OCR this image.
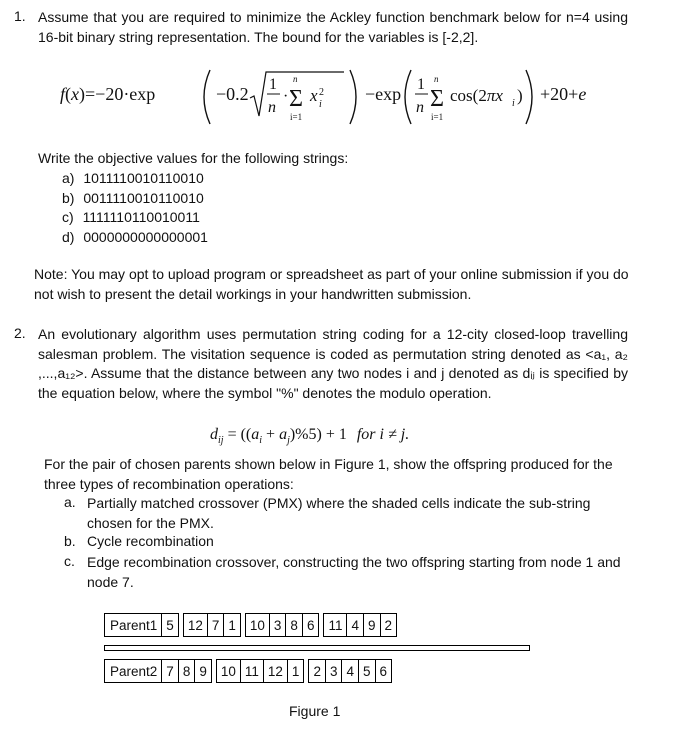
1. Assume that you are required to minimize the Ackley function benchmark below for n=4 using 16-bit binary string representation. The bound for the variables is [-2,2].
f(x)=−20·exp	−0.2 1
n
·
n
Σ
i=1
x 2
i
−exp 1
n
n
Σ
i=1
cos(2πx i ) +20+e
Write the objective values for the following strings:
a) 1011110010110010
b) 0011110010110010
c) 1111110110010011
d) 0000000000000001
Note: You may opt to upload program or spreadsheet as part of your online submission if you do not wish to present the detail workings in your handwritten submission.
2. An evolutionary algorithm uses permutation string coding for a 12-city closed-loop travelling salesman problem. The visitation sequence is coded as permutation string denoted as <a₁, a₂ ,...,a₁₂>. Assume that the distance between any two nodes i and j denoted as dᵢⱼ is specified by the equation below, where the symbol "%" denotes the modulo operation.
$d_{ij} = ((a_i + a_j)\%5) + 1$ for i ≠ j.
For the pair of chosen parents shown below in Figure 1, show the offspring produced for the three types of recombination operations:
a. Partially matched crossover (PMX) where the shaded cells indicate the sub-string chosen for the PMX.
b. Cycle recombination
c. Edge recombination crossover, constructing the two offspring starting from node 1 and node 7.
Parent1	5		12	7	1		10	3	8	6		11	4	9	2
Parent2	7	8	9		10	11	12	1		2	3	4	5	6
Figure 1
